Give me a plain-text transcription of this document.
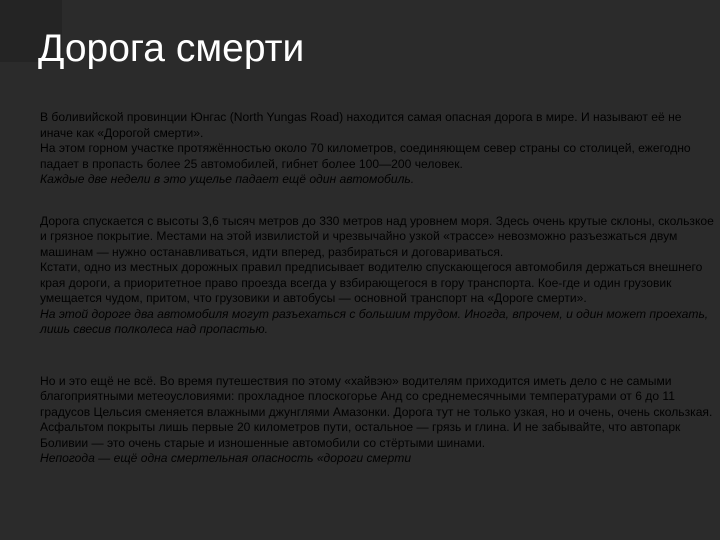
Дорога смерти

В боливийской провинции Юнгас (North Yungas Road) находится самая опасная дорога в мире. И называют её не иначе как «Дорогой смерти».

На этом горном участке протяжённостью около 70 километров, соединяющем север страны со столицей, ежегодно падает в пропасть более 25 автомобилей, гибнет более 100—200 человек.

Каждые две недели в это ущелье падает ещё один автомобиль.

Дорога спускается с высоты 3,6 тысяч метров до 330 метров над уровнем моря. Здесь очень крутые склоны, скользкое и грязное покрытие. Местами на этой извилистой и чрезвычайно узкой «трассе» невозможно разъезжаться двум машинам — нужно останавливаться, идти вперед, разбираться и договариваться.

Кстати, одно из местных дорожных правил предписывает водителю спускающегося автомобиля держаться внешнего края дороги, а приоритетное право проезда всегда у взбирающегося в гору транспорта. Кое-где и один грузовик умещается чудом, притом, что грузовики и автобусы — основной транспорт на «Дороге смерти».

На этой дороге два автомобиля могут разъехаться с большим трудом. Иногда, впрочем, и один может проехать, лишь свесив полколеса над пропастью.

Но и это ещё не всё. Во время путешествия по этому «хайвэю» водителям приходится иметь дело с не самыми благоприятными метеоусловиями: прохладное плоскогорье Анд со среднемесячными температурами от 6 до 11 градусов Цельсия сменяется влажными джунглями Амазонки. Дорога тут не только узкая, но и очень, очень скользкая. Асфальтом покрыты лишь первые 20 километров пути, остальное — грязь и глина. И не забывайте, что автопарк Боливии — это очень старые и изношенные автомобили со стёртыми шинами.

Непогода — ещё одна смертельная опасность «дороги смерти
